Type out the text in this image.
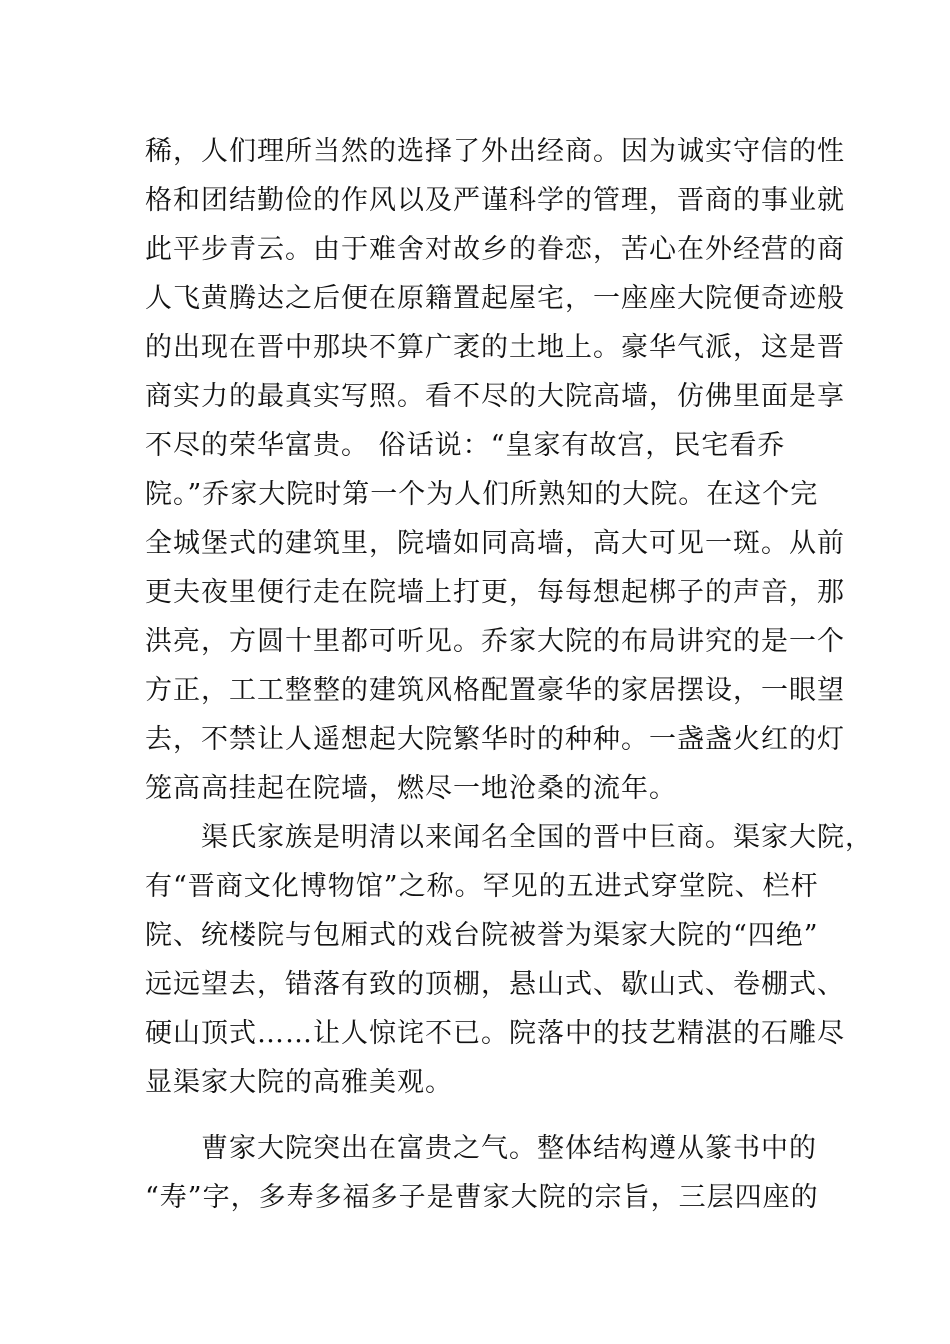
稀，人们理所当然的选择了外出经商。因为诚实守信的性
格和团结勤俭的作风以及严谨科学的管理，晋商的事业就
此平步青云。由于难舍对故乡的眷恋，苦心在外经营的商
人飞黄腾达之后便在原籍置起屋宅，一座座大院便奇迹般
的出现在晋中那块不算广袤的土地上。豪华气派，这是晋
商实力的最真实写照。看不尽的大院高墙，仿佛里面是享
不尽的荣华富贵。 俗话说：“皇家有故宫，民宅看乔
院。”乔家大院时第一个为人们所熟知的大院。在这个完
全城堡式的建筑里，院墙如同高墙，高大可见一斑。从前
更夫夜里便行走在院墙上打更，每每想起梆子的声音，那
洪亮，方圆十里都可听见。乔家大院的布局讲究的是一个
方正，工工整整的建筑风格配置豪华的家居摆设，一眼望
去，不禁让人遥想起大院繁华时的种种。一盏盏火红的灯
笼高高挂起在院墙，燃尽一地沧桑的流年。
　　渠氏家族是明清以来闻名全国的晋中巨商。渠家大院，
有“晋商文化博物馆”之称。罕见的五进式穿堂院、栏杆
院、统楼院与包厢式的戏台院被誉为渠家大院的“四绝”
远远望去，错落有致的顶棚，悬山式、歇山式、卷棚式、
硬山顶式……让人惊诧不已。院落中的技艺精湛的石雕尽
显渠家大院的高雅美观。
　　曹家大院突出在富贵之气。整体结构遵从篆书中的
“寿”字，多寿多福多子是曹家大院的宗旨，三层四座的
